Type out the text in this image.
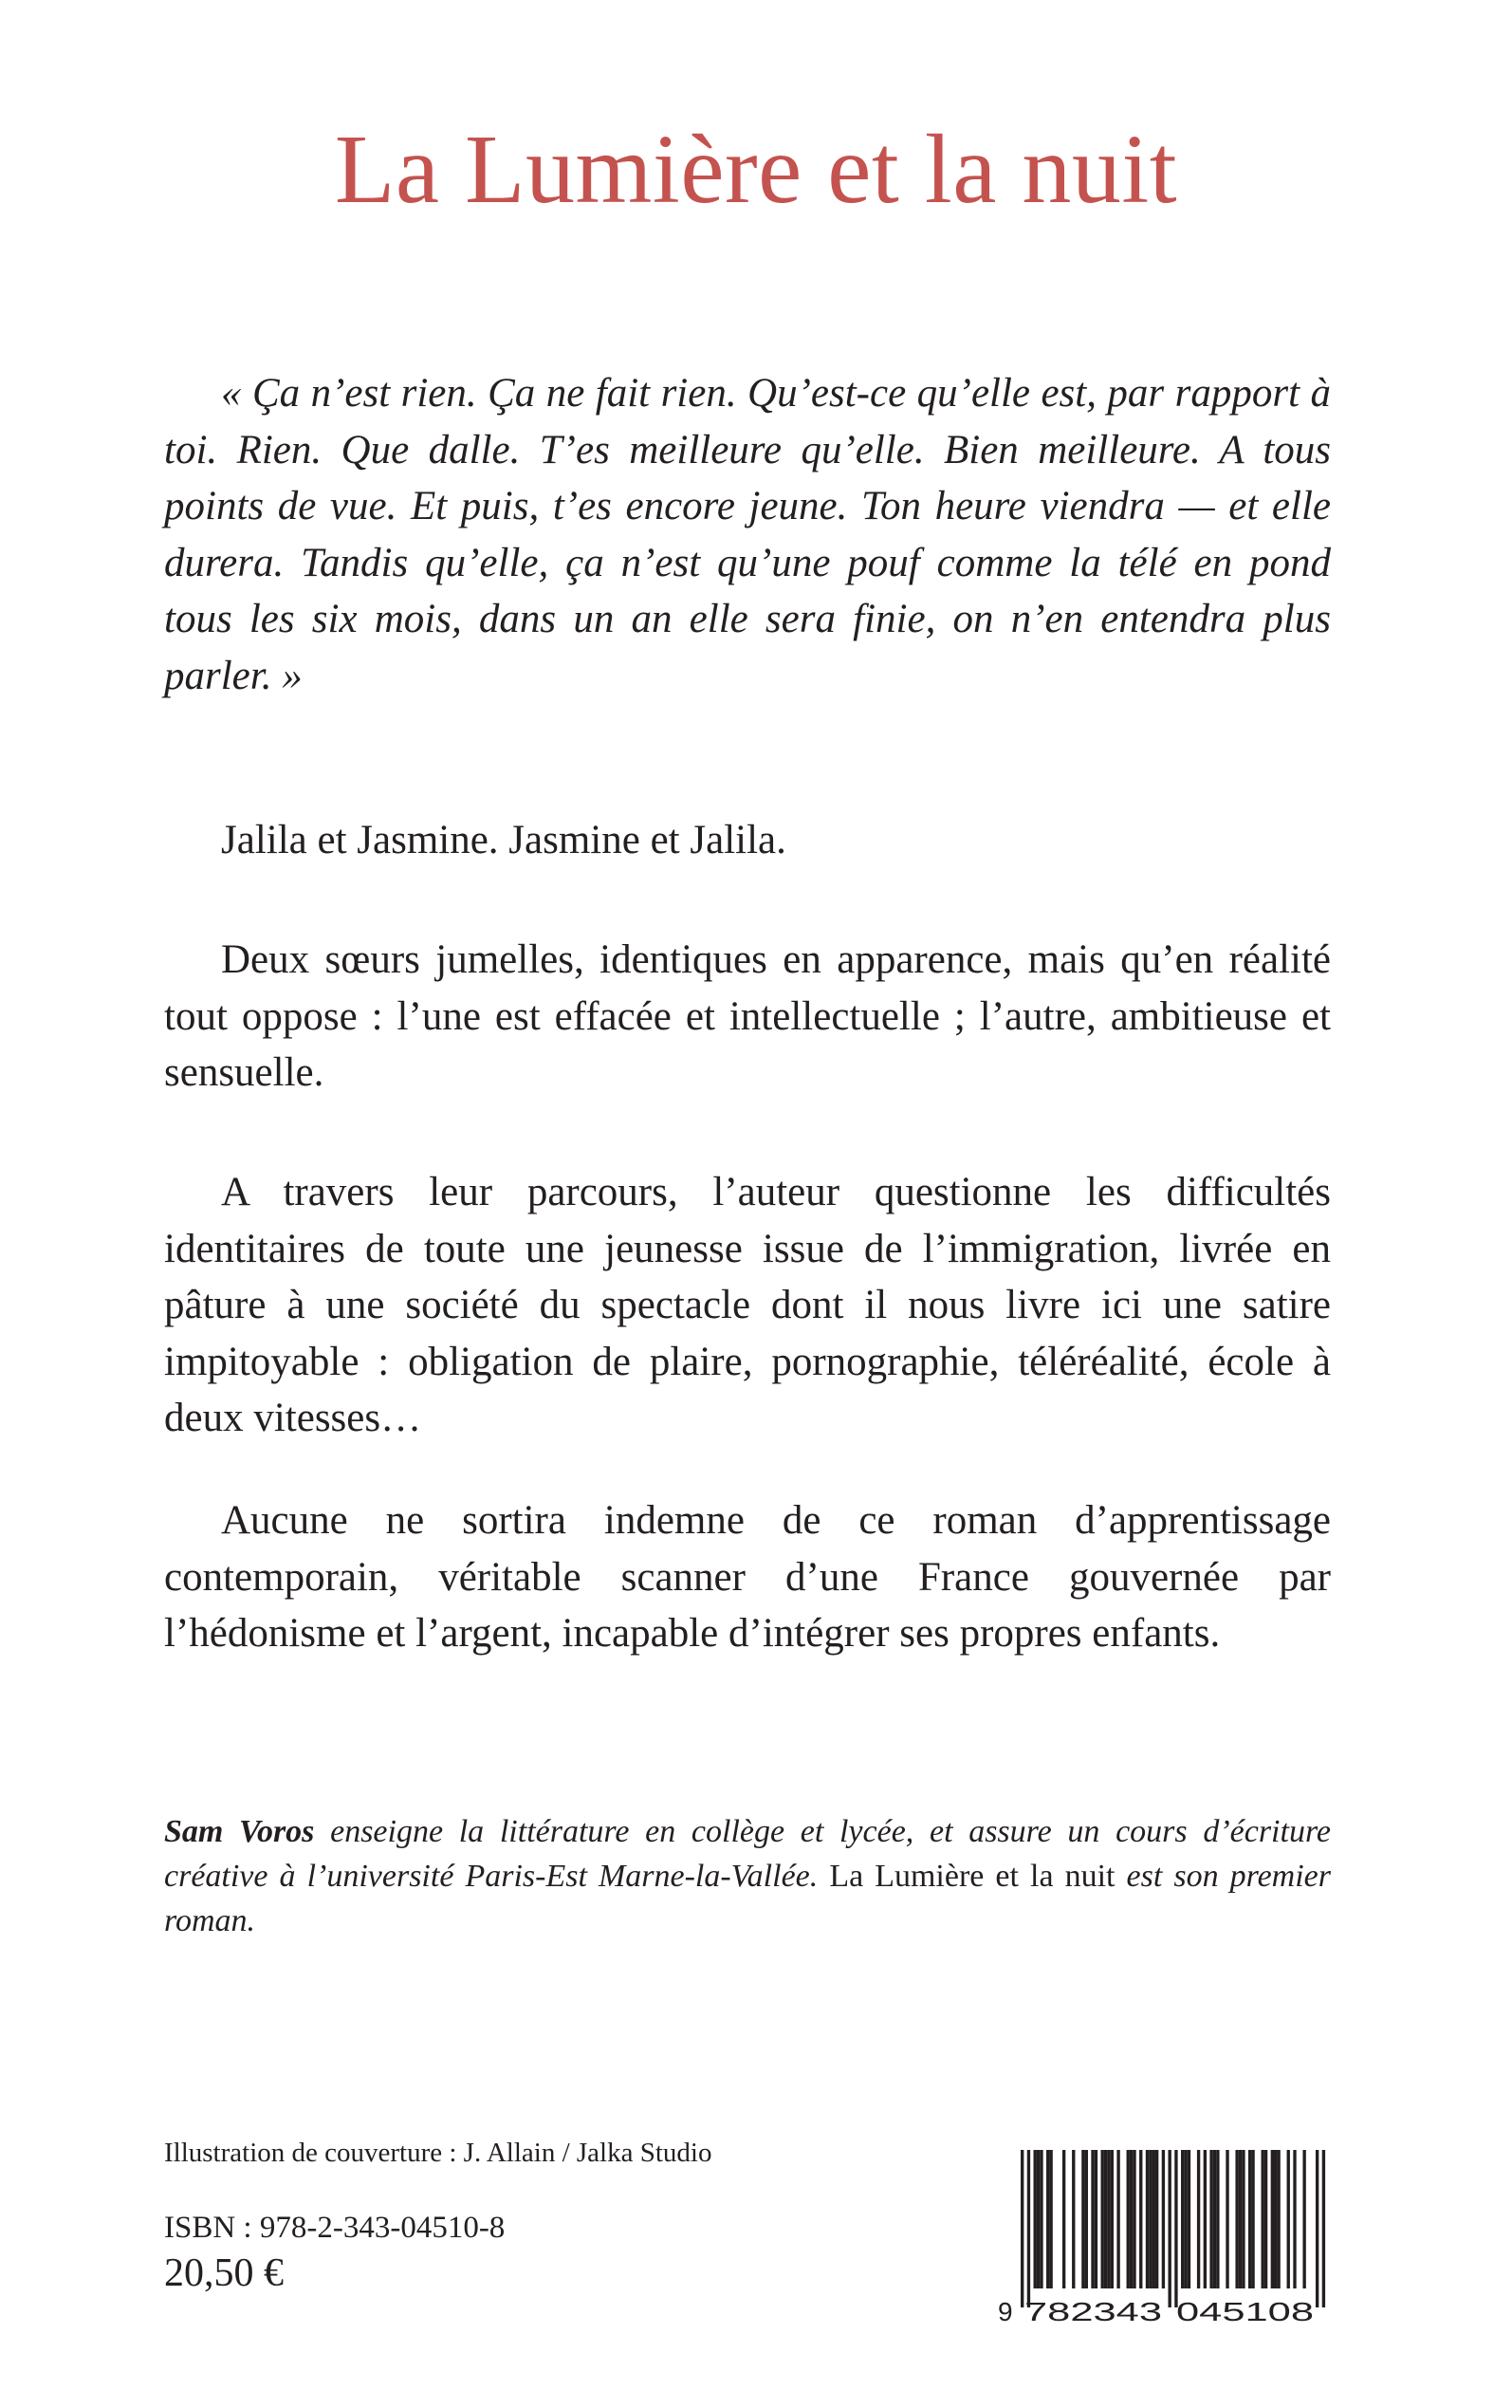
La Lumière et la nuit

« Ça n’est rien. Ça ne fait rien. Qu’est-ce qu’elle est, par rapport à toi. Rien. Que dalle. T’es meilleure qu’elle. Bien meilleure. A tous points de vue. Et puis, t’es encore jeune. Ton heure viendra — et elle durera. Tandis qu’elle, ça n’est qu’une pouf comme la télé en pond tous les six mois, dans un an elle sera finie, on n’en entendra plus parler. »

Jalila et Jasmine. Jasmine et Jalila.

Deux sœurs jumelles, identiques en apparence, mais qu’en réalité tout oppose : l’une est effacée et intellectuelle ; l’autre, ambitieuse et sensuelle.

A travers leur parcours, l’auteur questionne les difficultés identitaires de toute une jeunesse issue de l’immigration, livrée en pâture à une société du spectacle dont il nous livre ici une satire impitoyable : obligation de plaire, pornographie, téléréalité, école à deux vitesses…

Aucune ne sortira indemne de ce roman d’apprentissage contemporain, véritable scanner d’une France gouvernée par l’hédonisme et l’argent, incapable d’intégrer ses propres enfants.

Sam Voros enseigne la littérature en collège et lycée, et assure un cours d’écriture créative à l’université Paris-Est Marne-la-Vallée. La Lumière et la nuit est son premier roman.

Illustration de couverture : J. Allain / Jalka Studio

ISBN : 978-2-343-04510-8

20,50 €

9 782343 045108
